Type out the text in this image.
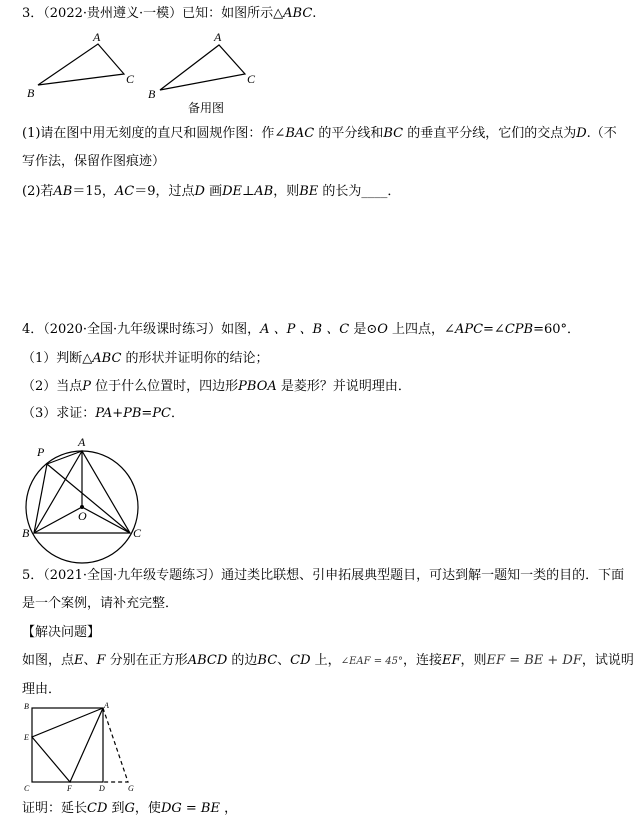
3．（2022·贵州遵义·一模）已知：如图所示△ABC.
A
B
C
A
B
C
备用图
(1)请在图中用无刻度的直尺和圆规作图：作∠BAC 的平分线和BC 的垂直平分线，它们的交点为D.（不
写作法，保留作图痕迹）
(2)若AB＝15，AC＝9，过点D 画DE⊥AB，则BE 的长为____．
4．（2020·全国·九年级课时练习）如图，A 、P 、B 、C 是⊙O 上四点，∠APC=∠CPB=60°．
（1）判断△ABC 的形状并证明你的结论；
（2）当点P 位于什么位置时，四边形PBOA 是菱形？并说明理由．
（3）求证：PA+PB=PC．
A
P
B	C
O
5．（2021·全国·九年级专题练习）通过类比联想、引申拓展典型题目，可达到解一题知一类的目的．下面
是一个案例，请补充完整．
【解决问题】
如图，点E、F 分别在正方形ABCD 的边BC、CD 上，∠EAF = 45°，连接EF，则EF = BE + DF，试说明
理由．
B	A
E
C	F	D	G
证明：延长CD 到G，使DG = BE ，
